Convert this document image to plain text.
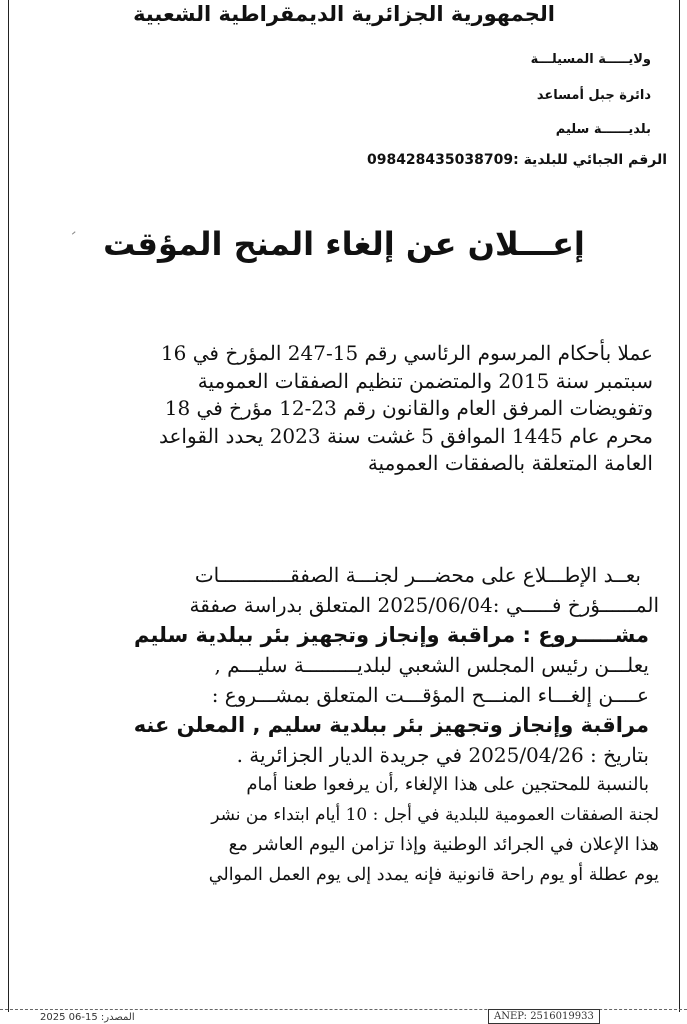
الجمهورية الجزائرية الديمقراطية الشعبية
ولايـــــة المسيلـــة
دائرة جبل أمساعد
بلديــــــة سليم
الرقم الجبائي للبلدية :098428435038709
إعـــلان عن إلغاء المنح المؤقت
عملا بأحكام المرسوم الرئاسي رقم 15-247 المؤرخ في 16
سبتمبر سنة 2015 والمتضمن تنظيم الصفقات العمومية
وتفويضات المرفق العام والقانون رقم 23-12 مؤرخ في 18
محرم عام 1445 الموافق 5 غشت سنة 2023 يحدد القواعد
العامة المتعلقة بالصفقات العمومية
بعــد الإطـــلاع على محضـــر لجنـــة الصفقــــــــــــات
المــــــؤرخ فـــــي :2025/06/04 المتعلق بدراسة صفقة
مشـــــروع : مراقبة وإنجاز وتجهيز بئر ببلدية سليم
يعلـــن رئيس المجلس الشعبي لبلديـــــــــة سليـــم ,
عــــن إلغـــاء المنـــح المؤقـــت المتعلق بمشـــروع :
مراقبة وإنجاز وتجهيز بئر ببلدية سليم , المعلن عنه
بتاريخ : 2025/04/26 في جريدة الديار الجزائرية .
بالنسبة للمحتجين على هذا الإلغاء ,أن يرفعوا طعنا أمام
لجنة الصفقات العمومية للبلدية في أجل : 10 أيام ابتداء من نشر
هذا الإعلان في الجرائد الوطنية وإذا تزامن اليوم العاشر مع
يوم عطلة أو يوم راحة قانونية فإنه يمدد إلى يوم العمل الموالي
المصدر: 15-06 2025	ANEP: 2516019933
